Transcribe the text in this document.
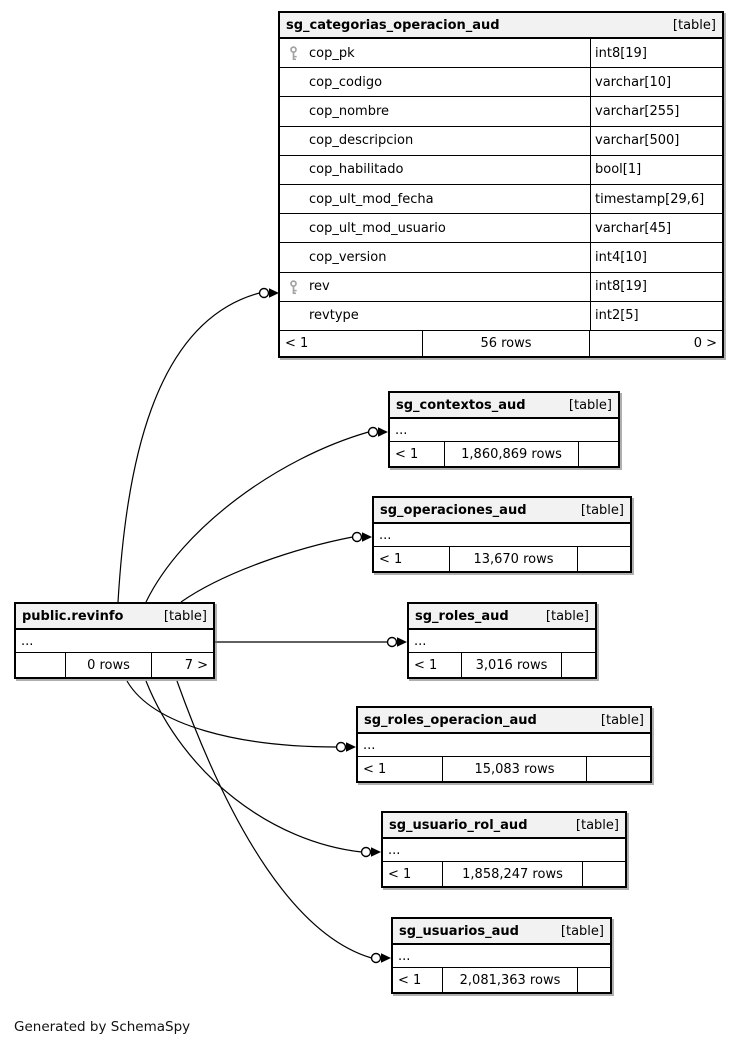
sg_categorias_operacion_aud	[table]
cop_pk	int8[19]
cop_codigo	varchar[10]
cop_nombre	varchar[255]
cop_descripcion	varchar[500]
cop_habilitado	bool[1]
cop_ult_mod_fecha	timestamp[29,6]
cop_ult_mod_usuario	varchar[45]
cop_version	int4[10]
rev	int8[19]
revtype	int2[5]
< 1	56 rows	0 >
sg_contextos_aud	[table]
...
< 1	1,860,869 rows
sg_operaciones_aud	[table]
...
< 1	13,670 rows
sg_roles_aud	[table]
...
< 1	3,016 rows
public.revinfo	[table]
...
0 rows	7 >
sg_roles_operacion_aud	[table]
...
< 1	15,083 rows
sg_usuario_rol_aud	[table]
...
< 1	1,858,247 rows
sg_usuarios_aud	[table]
...
< 1	2,081,363 rows
Generated by SchemaSpy
